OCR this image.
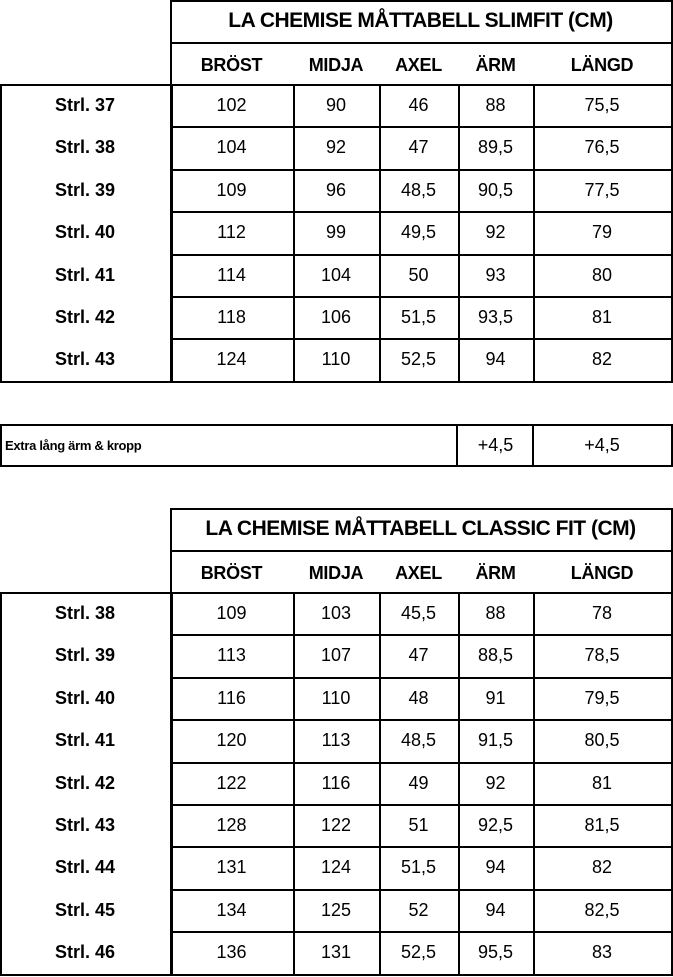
LA CHEMISE MÅTTABELL SLIMFIT (CM)
BRÖST	MIDJA	AXEL	ÄRM	LÄNGD
Strl. 37	102	90	46	88	75,5
Strl. 38	104	92	47	89,5	76,5
Strl. 39	109	96	48,5	90,5	77,5
Strl. 40	112	99	49,5	92	79
Strl. 41	114	104	50	93	80
Strl. 42	118	106	51,5	93,5	81
Strl. 43	124	110	52,5	94	82
Extra lång ärm & kropp	+4,5	+4,5
LA CHEMISE MÅTTABELL CLASSIC FIT (CM)
BRÖST	MIDJA	AXEL	ÄRM	LÄNGD
Strl. 38	109	103	45,5	88	78
Strl. 39	113	107	47	88,5	78,5
Strl. 40	116	110	48	91	79,5
Strl. 41	120	113	48,5	91,5	80,5
Strl. 42	122	116	49	92	81
Strl. 43	128	122	51	92,5	81,5
Strl. 44	131	124	51,5	94	82
Strl. 45	134	125	52	94	82,5
Strl. 46	136	131	52,5	95,5	83
